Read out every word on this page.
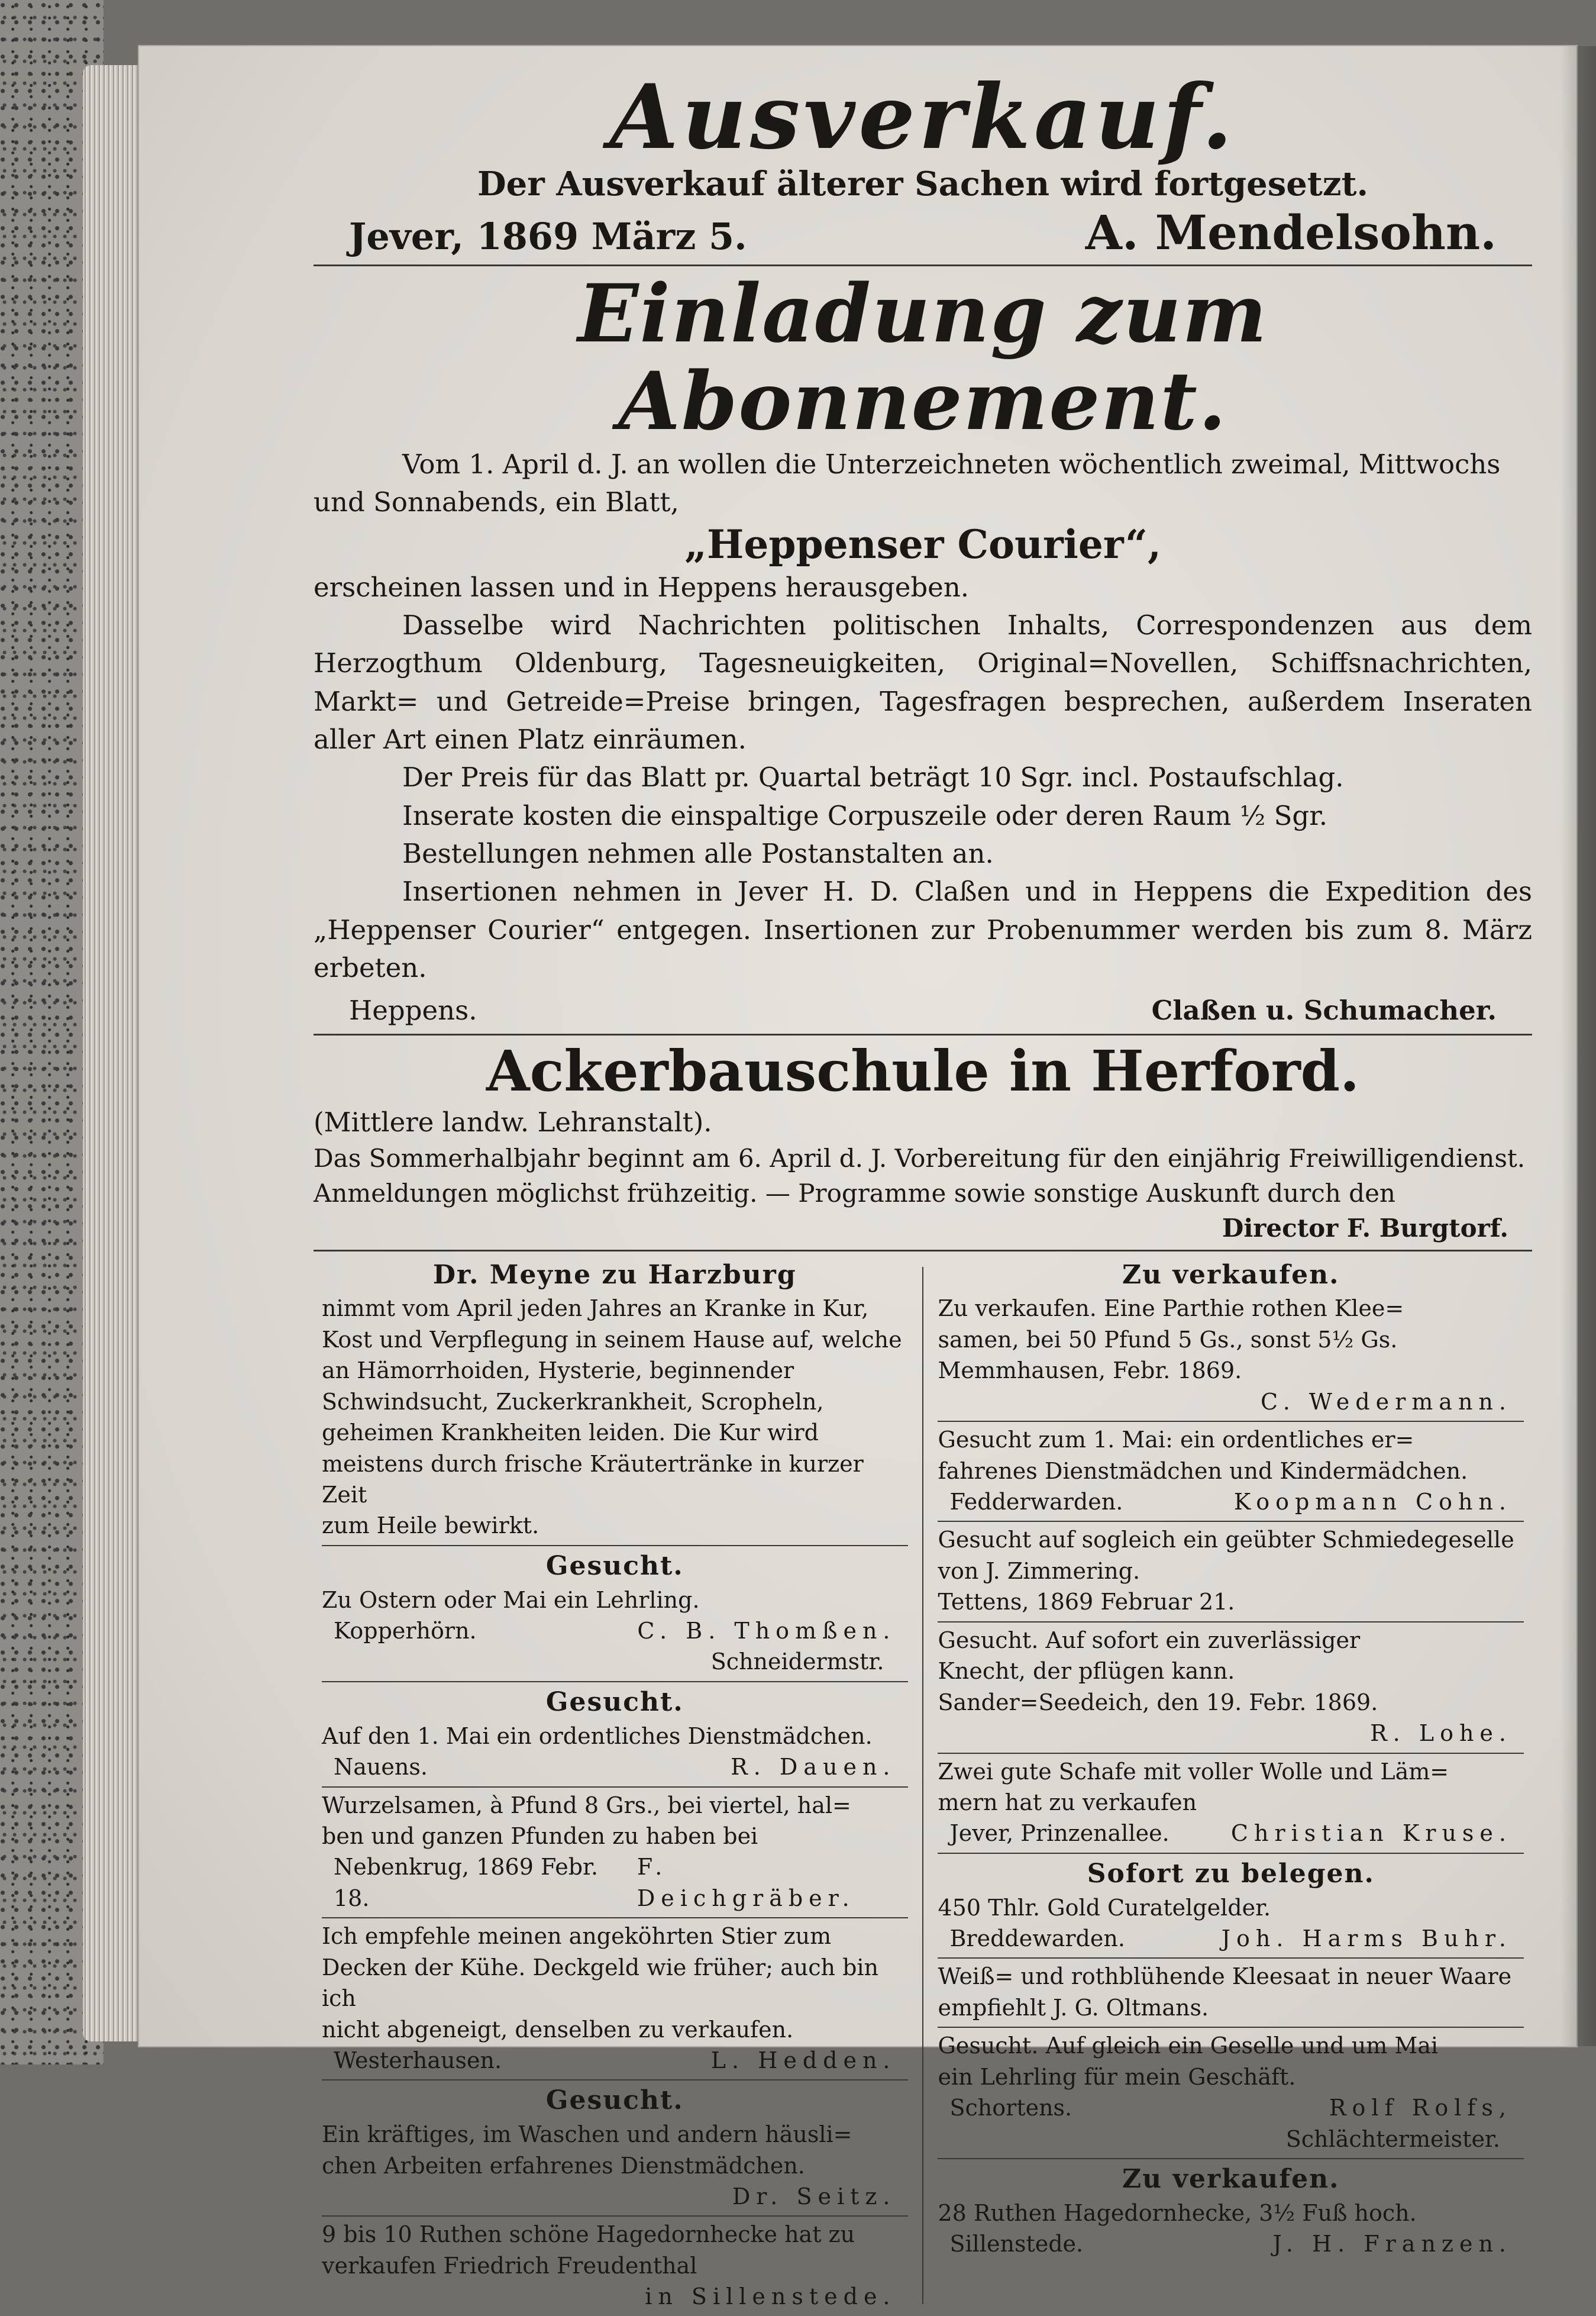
Ausverkauf.
Der Ausverkauf älterer Sachen wird fortgesetzt.
Jever, 1869 März 5.	A. Mendelsohn.
Einladung zum Abonnement.
Vom 1. April d. J. an wollen die Unterzeichneten wöchentlich zweimal, Mittwochs
und Sonnabends, ein Blatt,
„Heppenser Courier“,
erscheinen lassen und in Heppens herausgeben.
Dasselbe wird Nachrichten politischen Inhalts, Correspondenzen aus dem Herzogthum Oldenburg, Tagesneuigkeiten, Original=Novellen, Schiffsnachrichten, Markt= und Getreide=Preise bringen, Tagesfragen besprechen, außerdem Inseraten aller Art einen Platz einräumen.
Der Preis für das Blatt pr. Quartal beträgt 10 Sgr. incl. Postaufschlag.
Inserate kosten die einspaltige Corpuszeile oder deren Raum ½ Sgr.
Bestellungen nehmen alle Postanstalten an.
Insertionen nehmen in Jever H. D. Claßen und in Heppens die Expedition des „Heppenser Courier“ entgegen. Insertionen zur Probenummer werden bis zum 8. März erbeten.
Heppens.	Claßen u. Schumacher.
Ackerbauschule in Herford.
(Mittlere landw. Lehranstalt).
Das Sommerhalbjahr beginnt am 6. April d. J. Vorbereitung für den einjährig Freiwilligendienst.
Anmeldungen möglichst frühzeitig. — Programme sowie sonstige Auskunft durch den
Director F. Burgtorf.
Dr. Meyne zu Harzburg
nimmt vom April jeden Jahres an Kranke in Kur,
Kost und Verpflegung in seinem Hause auf, welche
an Hämorrhoiden, Hysterie, beginnender
Schwindsucht, Zuckerkrankheit, Scropheln,
geheimen Krankheiten leiden. Die Kur wird
meistens durch frische Kräutertränke in kurzer Zeit
zum Heile bewirkt.
Gesucht.
Zu Ostern oder Mai ein Lehrling.
Kopperhörn.	C. B. Thomßen.
Schneidermstr.
Gesucht.
Auf den 1. Mai ein ordentliches Dienstmädchen.
Nauens.	R. Dauen.
Wurzelsamen, à Pfund 8 Grs., bei viertel, hal=
ben und ganzen Pfunden zu haben bei
Nebenkrug, 1869 Febr. 18.
F. Deichgräber.
Ich empfehle meinen angeköhrten Stier zum
Decken der Kühe. Deckgeld wie früher; auch bin ich
nicht abgeneigt, denselben zu verkaufen.
Westerhausen.	L. Hedden.
Gesucht.
Ein kräftiges, im Waschen und andern häusli=
chen Arbeiten erfahrenes Dienstmädchen.
Dr. Seitz.
9 bis 10 Ruthen schöne Hagedornhecke hat zu
verkaufen Friedrich Freudenthal
in Sillenstede.
Zu verkaufen.
Zu verkaufen. Eine Parthie rothen Klee=
samen, bei 50 Pfund 5 Gs., sonst 5½ Gs.
Memmhausen, Febr. 1869.
C. Wedermann.
Gesucht zum 1. Mai: ein ordentliches er=
fahrenes Dienstmädchen und Kindermädchen.
Fedderwarden.	Koopmann Cohn.
Gesucht auf sogleich ein geübter Schmiedegeselle
von J. Zimmering.
Tettens, 1869 Februar 21.
Gesucht. Auf sofort ein zuverlässiger
Knecht, der pflügen kann.
Sander=Seedeich, den 19. Febr. 1869.
R. Lohe.
Zwei gute Schafe mit voller Wolle und Läm=
mern hat zu verkaufen
Jever, Prinzenallee.	Christian Kruse.
Sofort zu belegen.
450 Thlr. Gold Curatelgelder.
Breddewarden.	Joh. Harms Buhr.
Weiß= und rothblühende Kleesaat in neuer Waare
empfiehlt J. G. Oltmans.
Gesucht. Auf gleich ein Geselle und um Mai
ein Lehrling für mein Geschäft.
Schortens.	Rolf Rolfs,
Schlächtermeister.
Zu verkaufen.
28 Ruthen Hagedornhecke, 3½ Fuß hoch.
Sillenstede.	J. H. Franzen.
